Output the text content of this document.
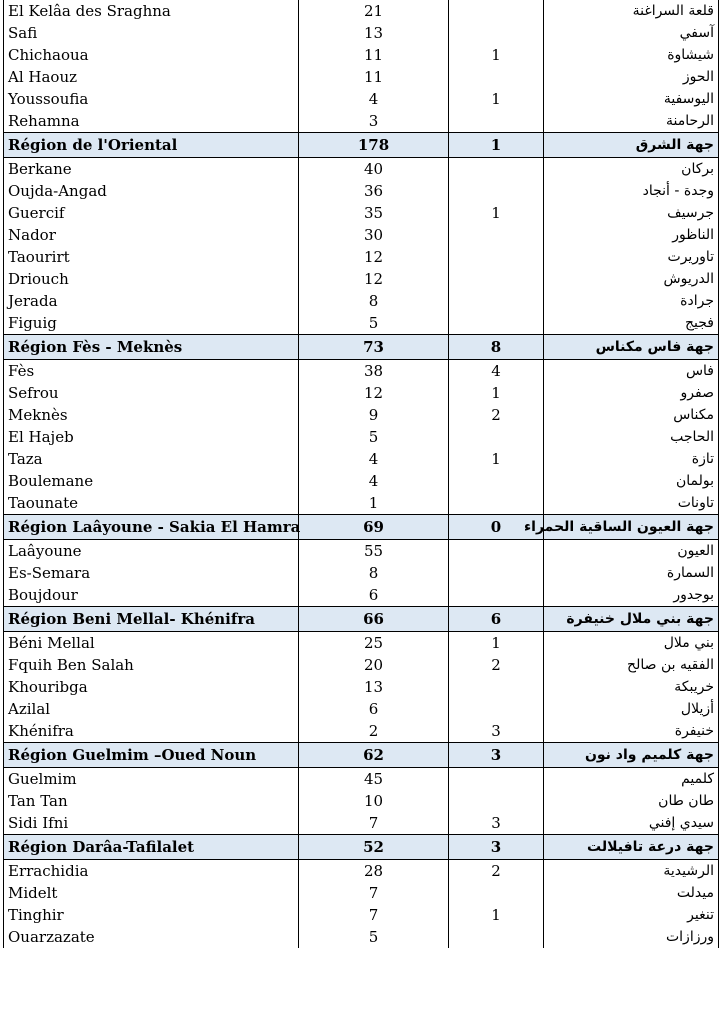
El Kelâa des Sraghna	21		قلعة السراغنة
Safi	13		آسفي
Chichaoua	11	1	شيشاوة
Al Haouz	11		الحوز
Youssoufia	4	1	اليوسفية
Rehamna	3		الرحامنة
Région de l'Oriental	178	1	جهة الشرق
Berkane	40		بركان
Oujda-Angad	36		وجدة - أنجاد
Guercif	35	1	جرسيف
Nador	30		الناظور
Taourirt	12		تاوريرت
Driouch	12		الدريوش
Jerada	8		جرادة
Figuig	5		فجيج
Région Fès - Meknès	73	8	جهة فاس مكناس
Fès	38	4	فاس
Sefrou	12	1	صفرو
Meknès	9	2	مكناس
El Hajeb	5		الحاجب
Taza	4	1	تازة
Boulemane	4		بولمان
Taounate	1		تاونات
Région Laâyoune - Sakia El Hamra	69	0	جهة العيون الساقية الحمراء
Laâyoune	55		العيون
Es-Semara	8		السمارة
Boujdour	6		بوجدور
Région Beni Mellal- Khénifra	66	6	جهة بني ملال خنيفرة
Béni Mellal	25	1	بني ملال
Fquih Ben Salah	20	2	الفقيه بن صالح
Khouribga	13		خريبكة
Azilal	6		أزيلال
Khénifra	2	3	خنيفرة
Région Guelmim –Oued Noun	62	3	جهة كلميم واد نون
Guelmim	45		كلميم
Tan Tan	10		طان طان
Sidi Ifni	7	3	سيدي إفني
Région Darâa-Tafilalet	52	3	جهة درعة تافيلالت
Errachidia	28	2	الرشيدية
Midelt	7		ميدلت
Tinghir	7	1	تنغير
Ouarzazate	5		ورزازات
